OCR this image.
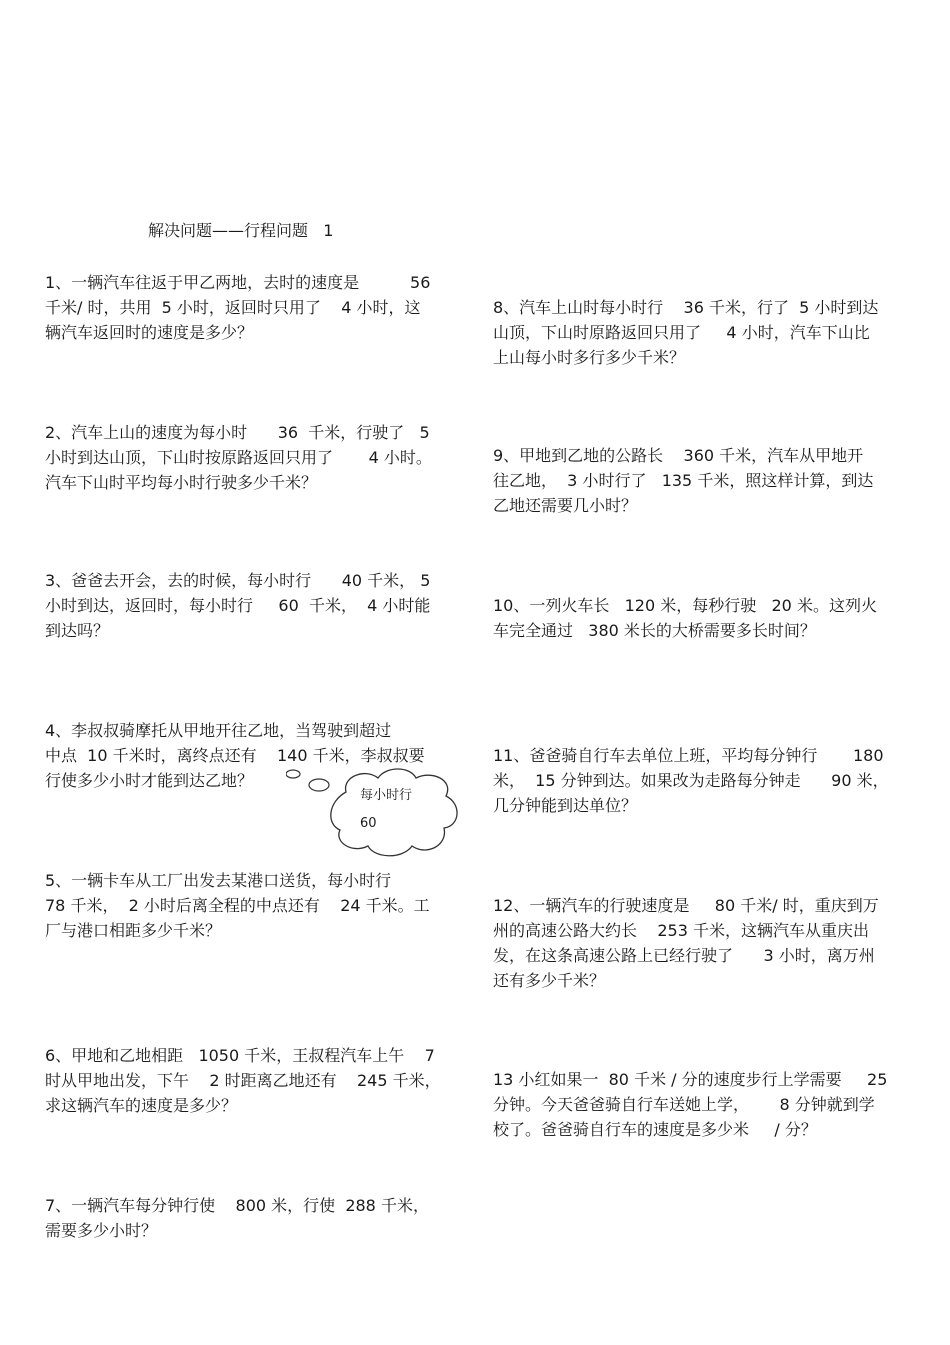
解决问题——行程问题   1
1、一辆汽车往返于甲乙两地，去时的速度是          56
千米/ 时，共用  5 小时，返回时只用了    4 小时，这
辆汽车返回时的速度是多少？
2、汽车上山的速度为每小时      36  千米，行驶了   5
小时到达山顶，下山时按原路返回只用了       4 小时。
汽车下山时平均每小时行驶多少千米？
3、爸爸去开会，去的时候，每小时行      40 千米， 5
小时到达，返回时，每小时行     60  千米，  4 小时能
到达吗？
4、李叔叔骑摩托从甲地开往乙地，当驾驶到超过
中点  10 千米时，离终点还有    140 千米，李叔叔要
行使多少小时才能到达乙地？
每小时行
60
5、一辆卡车从工厂出发去某港口送货，每小时行
78 千米，  2 小时后离全程的中点还有    24 千米。工
厂与港口相距多少千米？
6、甲地和乙地相距   1050 千米，王叔程汽车上午    7
时从甲地出发，下午    2 时距离乙地还有    245 千米，
求这辆汽车的速度是多少？
7、一辆汽车每分钟行使    800 米，行使  288 千米，
需要多少小时？
8、汽车上山时每小时行    36 千米，行了  5 小时到达
山顶，下山时原路返回只用了     4 小时，汽车下山比
上山每小时多行多少千米？
9、甲地到乙地的公路长    360 千米，汽车从甲地开
往乙地，  3 小时行了   135 千米，照这样计算，到达
乙地还需要几小时？
10、一列火车长   120 米，每秒行驶   20 米。这列火
车完全通过   380 米长的大桥需要多长时间？
11、爸爸骑自行车去单位上班，平均每分钟行       180
米，  15 分钟到达。如果改为走路每分钟走      90 米，
几分钟能到达单位？
12、一辆汽车的行驶速度是     80 千米/ 时，重庆到万
州的高速公路大约长    253 千米，这辆汽车从重庆出
发，在这条高速公路上已经行驶了      3 小时，离万州
还有多少千米？
13 小红如果一  80 千米 / 分的速度步行上学需要     25
分钟。今天爸爸骑自行车送她上学，      8 分钟就到学
校了。爸爸骑自行车的速度是多少米     / 分？
